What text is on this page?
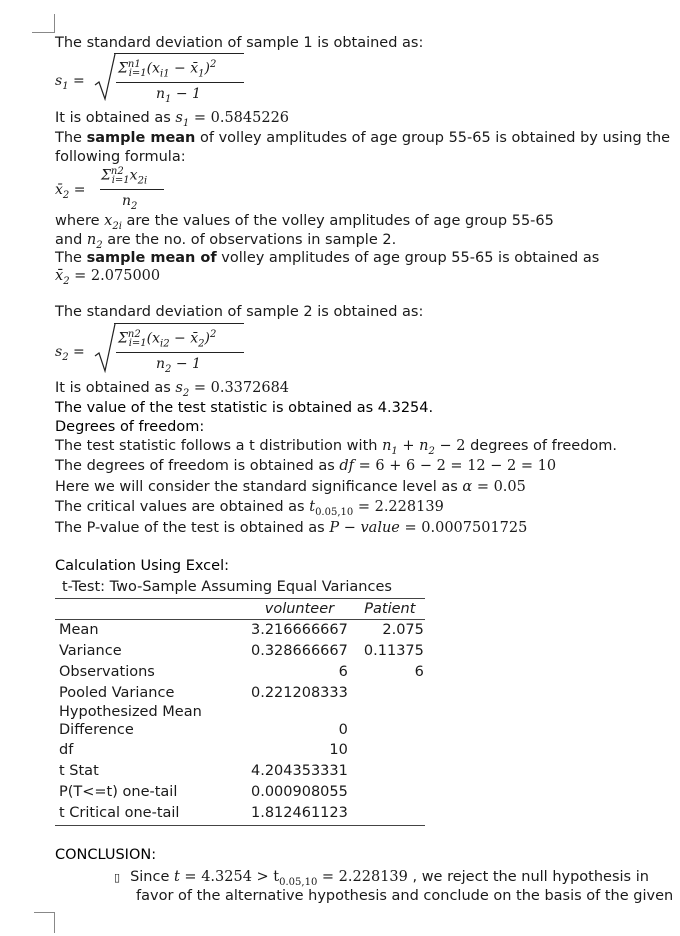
The standard deviation of sample 1 is obtained as:
$s_1$ =
$\Sigma^{n1}_{i=1}(x_{i1}$ − $x̄_1)^2$
$n_1 - 1$
It is obtained as $s_1 = 0.5845226$
The sample mean of volley amplitudes of age group 55-65 is obtained by using the
following formula:
$x̄_2$ =
$\Sigma^{n2}_{i=1}x_{2i}$
$n_2$
where $x_{2i}$ are the values of the volley amplitudes of age group 55-65
and $n_2$ are the no. of observations in sample 2.
The sample mean of volley amplitudes of age group 55-65 is obtained as
$x̄_2 = 2.075000$
The standard deviation of sample 2 is obtained as:
$s_2$ =
$\Sigma^{n2}_{i=1}(x_{i2}$ − $x̄_2)^2$
$n_2 - 1$
It is obtained as $s_2 = 0.3372684$
The value of the test statistic is obtained as 4.3254.
Degrees of freedom:
The test statistic follows a t distribution with $n_1 + n_2 - 2$ degrees of freedom.
The degrees of freedom is obtained as df = 6 + 6 − 2 = 12 − 2 = 10
Here we will consider the standard significance level as α = 0.05
The critical values are obtained as $t_{0.05,10} = 2.228139$
The P-value of the test is obtained as P − value = 0.0007501725
Calculation Using Excel:
t-Test: Two-Sample Assuming Equal Variances
	volunteer	Patient
Mean	3.216666667	2.075
Variance	0.328666667	0.11375
Observations	6	6
Pooled Variance	0.221208333	
Hypothesized Mean		
Difference	0	
df	10	
t Stat	4.204353331	
P(T<=t) one-tail	0.000908055	
t Critical one-tail	1.812461123	
CONCLUSION:
▯ Since $t = 4.3254 > t_{0.05,10} = 2.228139$ , we reject the null hypothesis in
favor of the alternative hypothesis and conclude on the basis of the given
